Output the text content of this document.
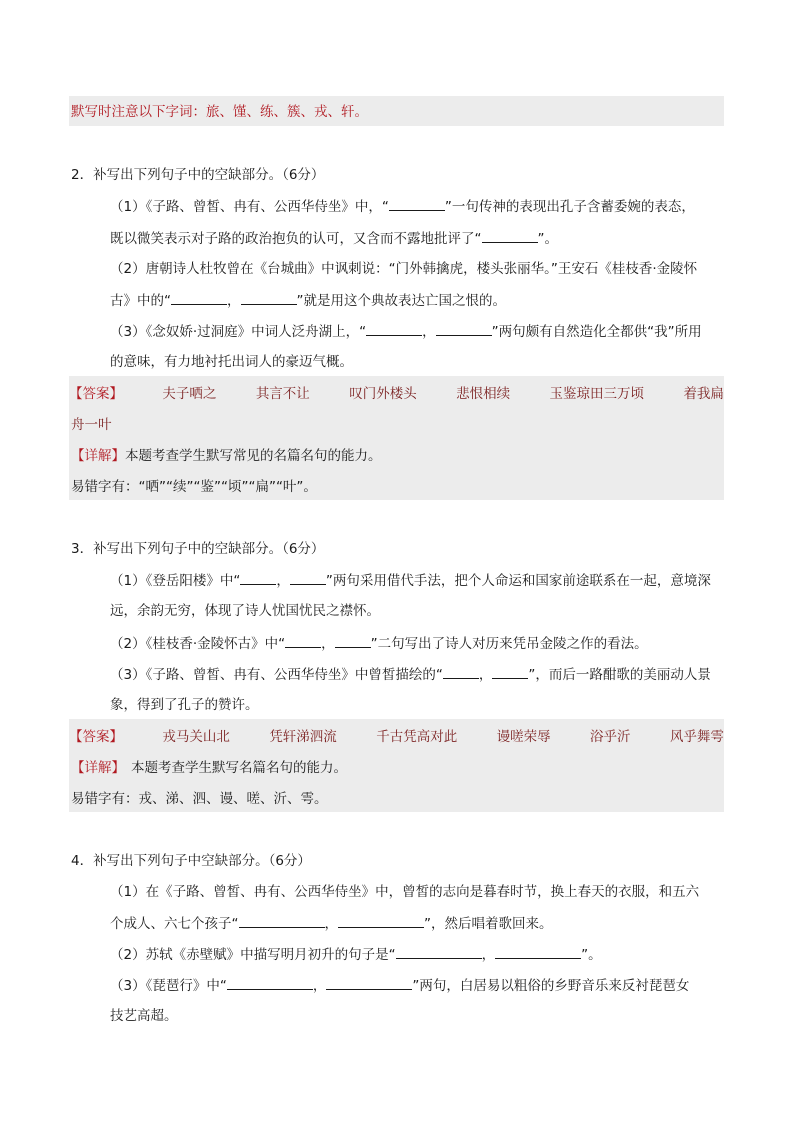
默写时注意以下字词：旅、馑、练、簇、戎、轩。
2．补写出下列句子中的空缺部分。（6分）
（1）《子路、曾皙、冉有、公西华侍坐》中，“	”一句传神的表现出孔子含蓄委婉的表态，
既以微笑表示对子路的政治抱负的认可，又含而不露地批评了“	”。
（2）唐朝诗人杜牧曾在《台城曲》中讽刺说：“门外韩擒虎，楼头张丽华。”王安石《桂枝香·金陵怀
古》中的“	，	”就是用这个典故表达亡国之恨的。
（3）《念奴娇·过洞庭》中词人泛舟湖上，“	，	”两句颇有自然造化全都供“我”所用
的意味，有力地衬托出词人的豪迈气概。
【答案】	夫子哂之	其言不让	叹门外楼头	悲恨相续	玉鉴琼田三万顷	着我扁
舟一叶
【详解】本题考查学生默写常见的名篇名句的能力。
易错字有：“哂”“续”“鉴”“顷”“扁”“叶”。
3．补写出下列句子中的空缺部分。（6分）
（1）《登岳阳楼》中“	，	”两句采用借代手法，把个人命运和国家前途联系在一起，意境深
远，余韵无穷，体现了诗人忧国忧民之襟怀。
（2）《桂枝香·金陵怀古》中“	，	”二句写出了诗人对历来凭吊金陵之作的看法。
（3）《子路、曾皙、冉有、公西华侍坐》中曾皙描绘的“	，	”，而后一路酣歌的美丽动人景
象，得到了孔子的赞许。
【答案】	戎马关山北	凭轩涕泗流	千古凭高对此	谩嗟荣辱	浴乎沂	风乎舞雩
【详解】 本题考查学生默写名篇名句的能力。
易错字有：戎、涕、泗、谩、嗟、沂、雩。
4．补写出下列句子中空缺部分。（6分）
（1）在《子路、曾皙、冉有、公西华侍坐》中，曾皙的志向是暮春时节，换上春天的衣服，和五六
个成人、六七个孩子“	，	”，然后唱着歌回来。
（2）苏轼《赤壁赋》中描写明月初升的句子是“	，	”。
（3）《琵琶行》中“	，	”两句，白居易以粗俗的乡野音乐来反衬琵琶女
技艺高超。
